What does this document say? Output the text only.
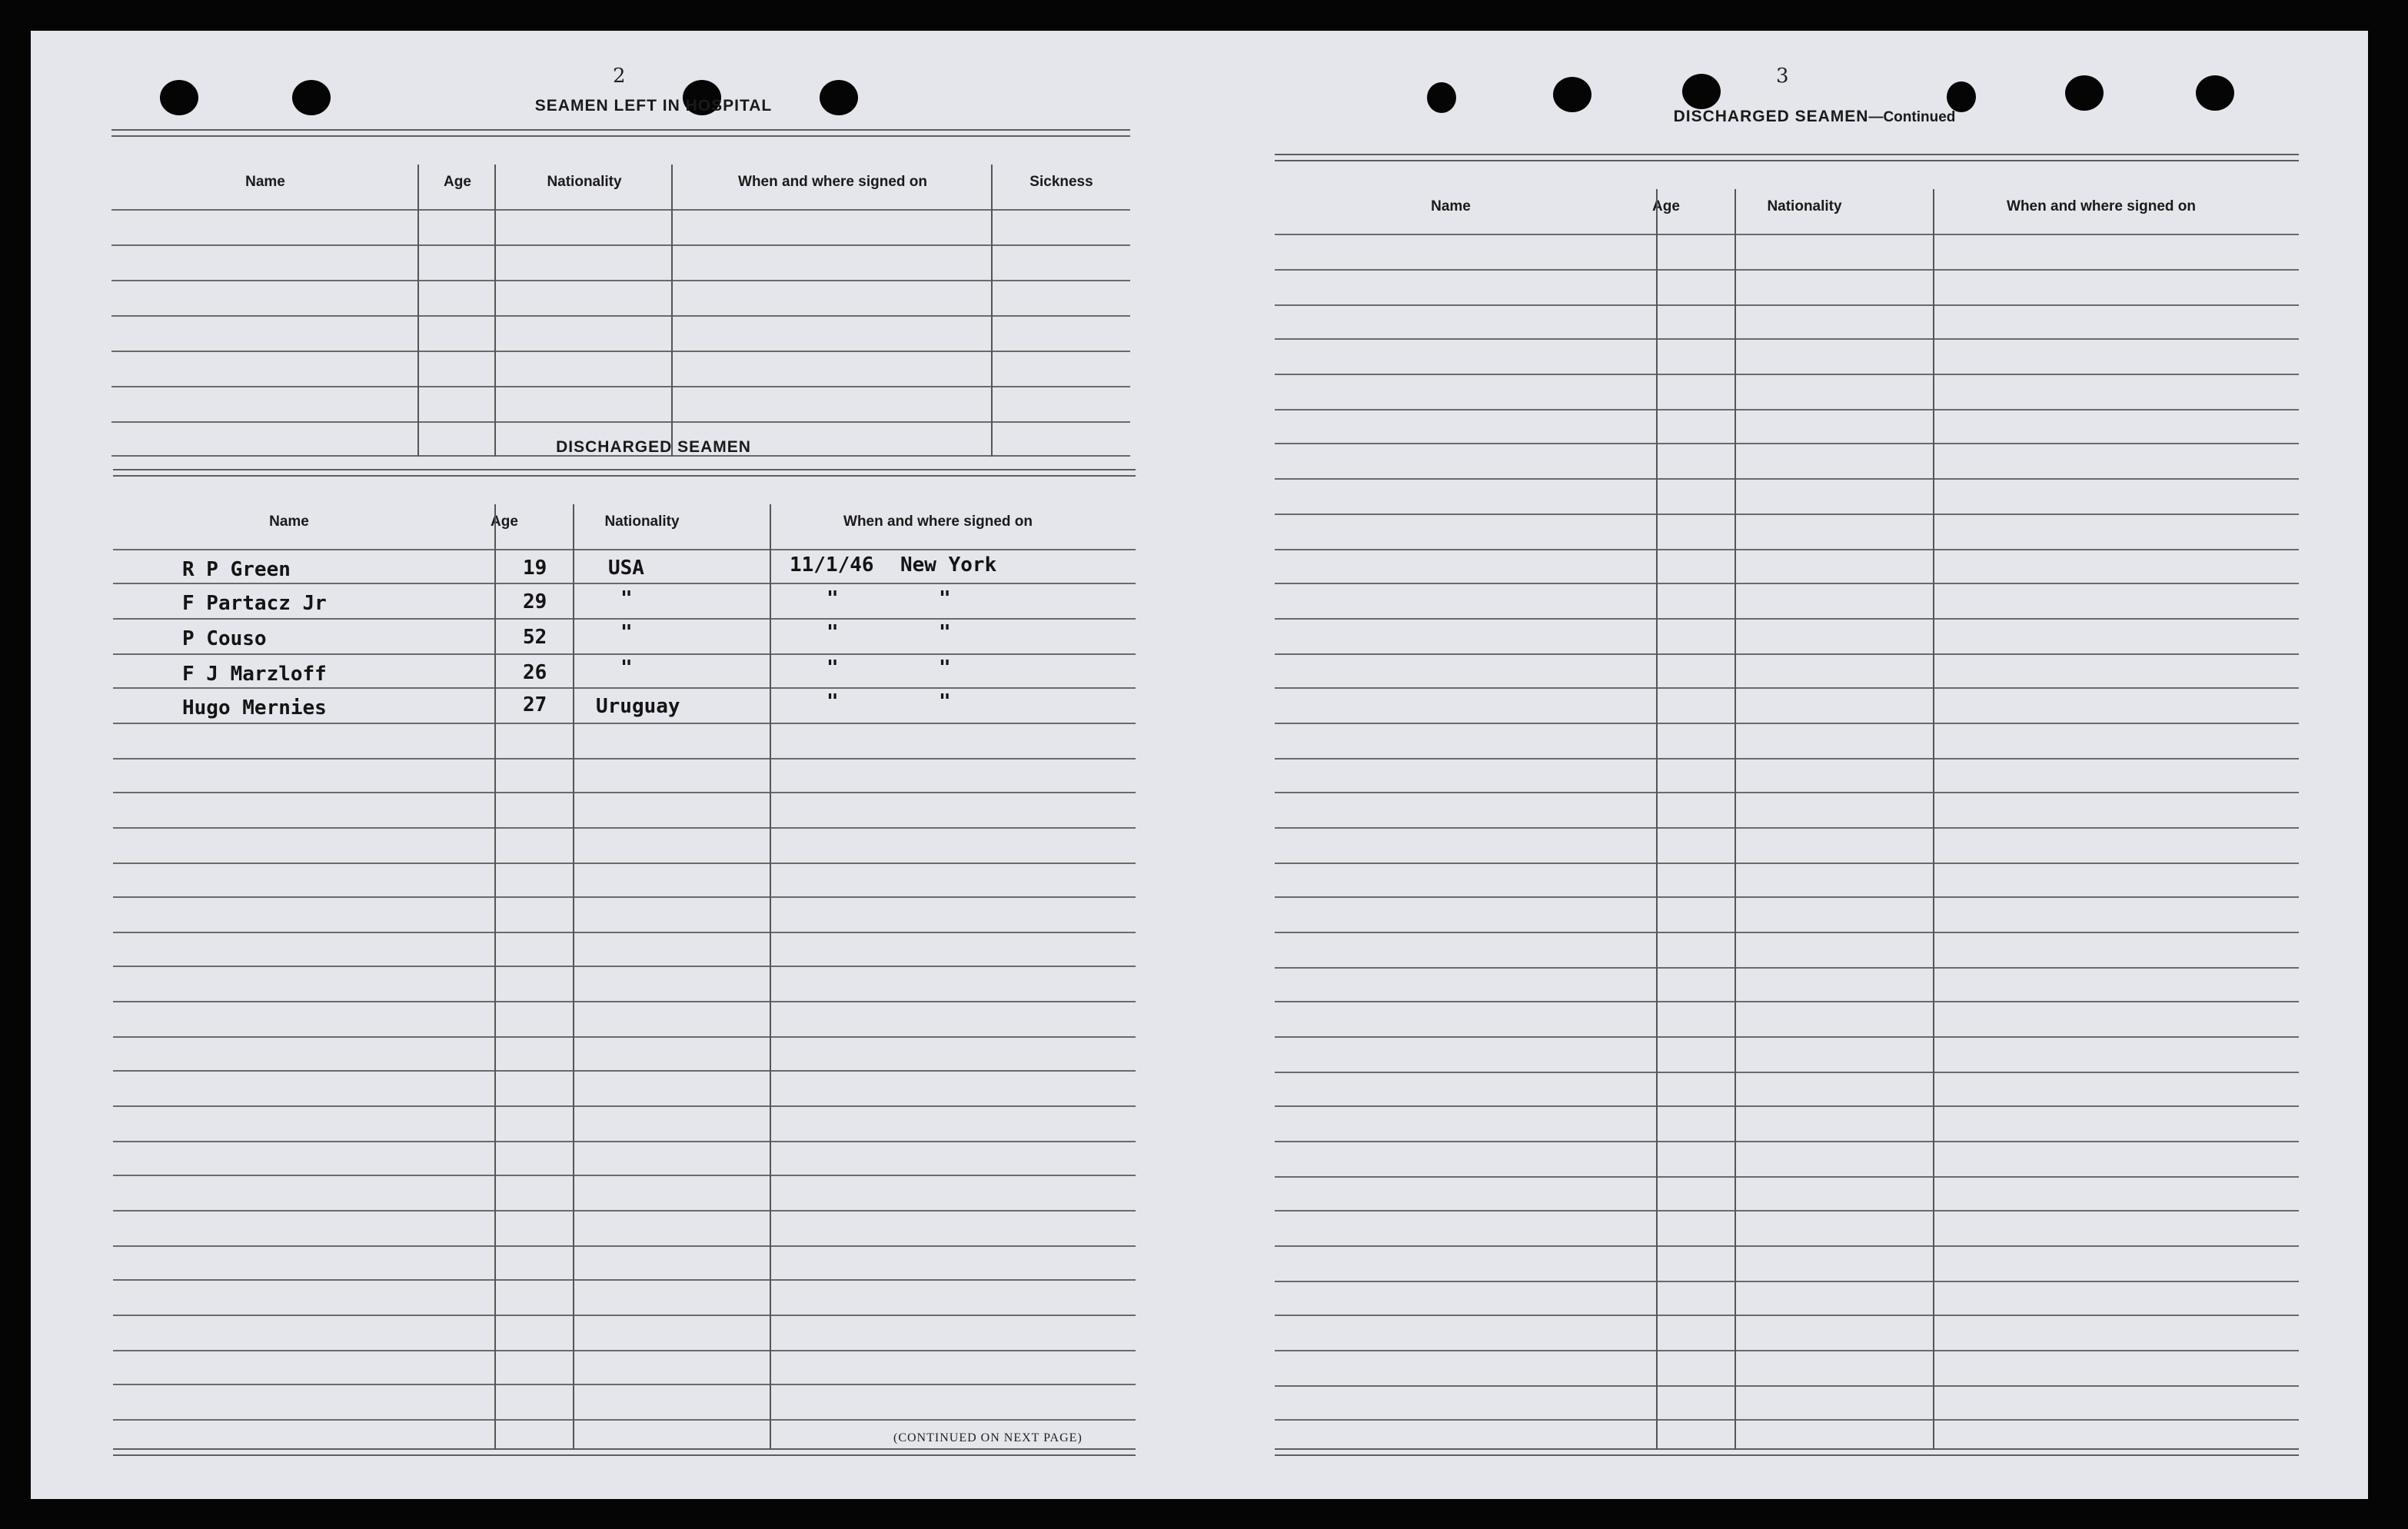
2
SEAMEN LEFT IN HOSPITAL
Name	Age	Nationality	When and where signed on	Sickness
DISCHARGED SEAMEN
Name	Age	Nationality	When and where signed on
R P Green	19	USA	11/1/46 New York
F Partacz Jr	29	"	"	"
P Couso	52	"	"	"
F J Marzloff	26	"	"	"
Hugo Mernies	27 Uruguay	"	"
(CONTINUED ON NEXT PAGE)
3
DISCHARGED SEAMEN—Continued
Name	Age	Nationality	When and where signed on
